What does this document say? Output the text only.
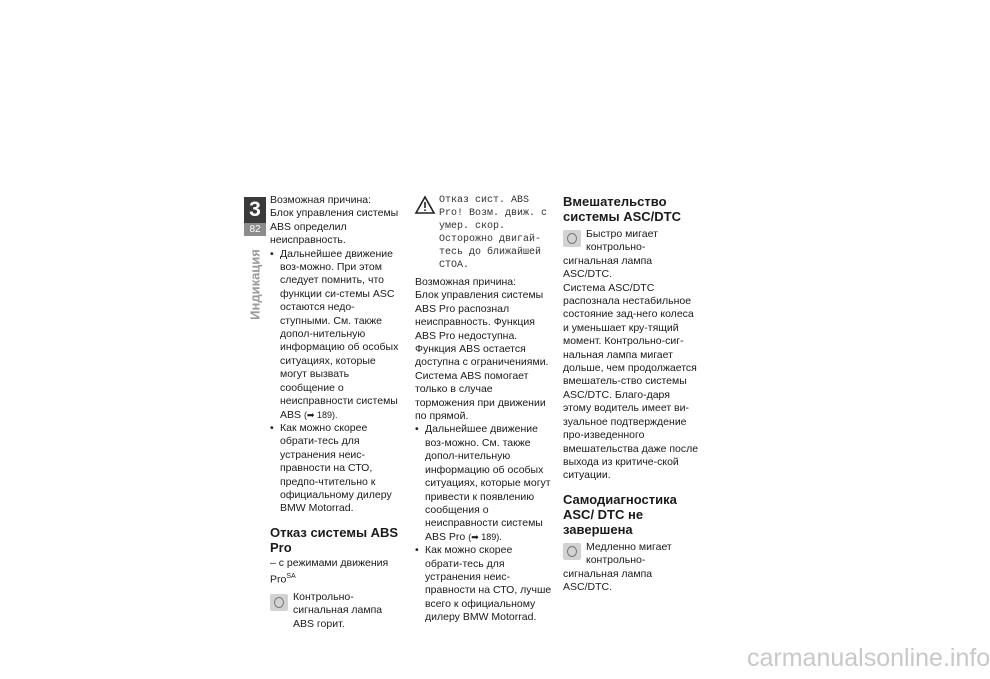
3
82
Индикация

Возможная причина:

Блок управления системы ABS определил неисправность.

• Дальнейшее движение воз-можно. При этом следует помнить, что функции си-стемы ASC остаются недо-ступными. См. также допол-нительную информацию об особых ситуациях, которые могут вызвать сообщение о неисправности системы ABS (➡ 189).
• Как можно скорее обрати-тесь для устранения неис-правности на СТО, предпо-чтительно к официальному дилеру BMW Motorrad.
Отказ системы ABS Pro

– с режимами движения Pro$^{SA}$

Контрольно-сигнальная лампа ABS горит.
Отказ сист. ABS Pro! Возм. движ. с умер. скор. Осторожно двигай-тесь до ближайшей СТОА.

Возможная причина:

Блок управления системы ABS Pro распознал неисправность. Функция ABS Pro недоступна. Функция ABS остается доступна с ограничениями. Система ABS помогает только в случае торможения при движении по прямой.

• Дальнейшее движение воз-можно. См. также допол-нительную информацию об особых ситуациях, которые могут привести к появлению сообщения о неисправности системы ABS Pro (➡ 189).
• Как можно скорее обрати-тесь для устранения неис-правности на СТО, лучше всего к официальному дилеру BMW Motorrad.
Вмешательство системы ASC/DTC
Быстро мигает контрольно-сигнальная лампа ASC/DTC.

Система ASC/DTC распознала нестабильное состояние зад-него колеса и уменьшает кру-тящий момент. Контрольно-сиг-нальная лампа мигает дольше, чем продолжается вмешатель-ство системы ASC/DTC. Благо-даря этому водитель имеет ви-зуальное подтверждение про-изведенного вмешательства даже после выхода из критиче-ской ситуации.

Самодиагностика ASC/ DTC не завершена
Медленно мигает контрольно-сигнальная лампа ASC/DTC.
carmanualsonline.info
